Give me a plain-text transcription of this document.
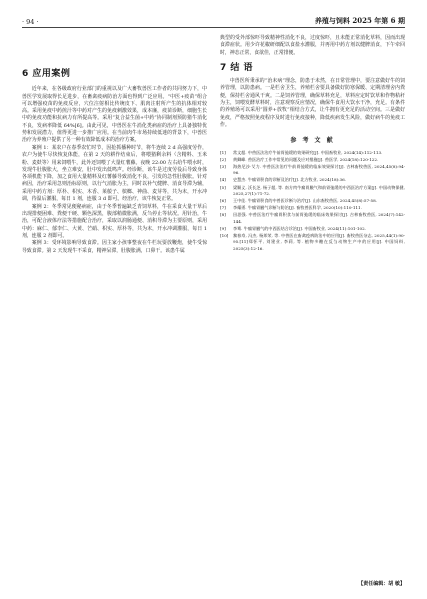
· 94 ·	养殖与饲料 2025 年第 6 期
6 应用案例

近年来，在各级政府行业部门的重视以及广大畜牧兽医工作者的共同努力下，中兽医学发展取得长足进步，在畜禽疫病防治方面也得到广泛应用。“中医+疫苗”组合可以增强疫苗的免疫反应，穴位注射相比传统皮下、肌肉注射所产生的抗体相对较高。采用免疫中药煎汁等中药对产生的免疫刺激效果，成本廉，疫苗诊断，细胞生长中的免疫功能和抗病力有所提高等。采用“复合益生菌+中药”协同制剂预防猪牛消化不良，发病率降低 64%[6]。由此可见，中兽医在牛消化类病症的治疗上具备独特优势和发展潜力，值得更进一步推广应用。在当前肉牛市场持续低迷的背景下，中兽医治疗为养殖户提供了另一种有效降低成本的治疗方案。

案例 1：某农户在春季农忙时节，因抢抓播种时节，将牛连续 2 d 高强度劳作，农户为使牛尽快恢复体能，在第 2 天的耕作结束后，将喂猪剩余料（含精料、玉米粉、麦麸等）用来饲喂牛，此外还饲喂了大量红薯藤。夜晚 22:00 左右给牛喂水时，发现牛肚腹胀大，坐立难安，肚中发出低鸣声。经诊断，该牛是过度劳役后导致身体各项机能下降，加之食用大量精料及红薯藤导致消化不良，引发的急性肚腹胀。针对病因，治疗采用急则治标原则，以行气消胀为主，同时以补气健脾、消食导滞为辅，采用中药方剂：厚朴、枳实、木香、莱菔子、槟榔、神曲、麦芽等，共为末，开水冲调，待温后灌服，每日 1 剂，连服 3 d 即可。经治疗，该牛恢复正常。

案例 2：冬季常见便秘病症，由于冬季普遍缺乏青饲草料，牛在采食大量干草后出现排便困难、粪便干硬、颗色深黑，腹部稍微胀满，反刍停止等状况。用针治，牛治，可配合液体疗法等措施配合治疗，采取以润肠通便、消积导滞为主要原则，采用中药：麻仁、郁李仁、大黄、芒硝、枳实、厚朴等，共为末，开水冲调灌服，每日 1 剂，连服 2 剂即可。

案例 3：受环境影响导致食滞。因主家小孩事整夜在牛栏玩耍放鞭炮，使牛受惊导致食滞。第 2 天发现牛不采食，精神呆滞，肚腹胀满，口鼻干。该患牛属

典型的受外部惊吓导致精神性消化不良，过度惊吓，且未能正常消化草料，因而出现食滞症状。用少许花椒研细配以食盐水灌服，并再用中药方剂以健脾消食，下午牵回时，神态正常，食欲佳，正常排便。

7 结 语

中兽医所秉承的“治未病”理念，防患于未然，在日常管理中，要注意做好牛的饲养管理，以防患病。一是栏舍卫生，养殖栏舍要具备做好防寒保暖、定期清理舍内粪便，保持栏舍通风干爽。二是饲养管理，确保草料充足，草料应定时饮草和作物秸秆为主，饲喂发酵草料时，注意观察反应情况，确保牛食用大饮水干净，充足。有条件的养殖场可以采用“圆养+放牧”相结合方式，让牛拥有更充足的活动空间。三是做好免疫，严格按照免疫程序及时进行免疫接种，降低疾病发生风险，做好病牛的免疫工作。

参 考 文 献
[1]	常文超. 中兽医法治疗牛前胃弛缓的效果研究[J]. 中国畜牧业, 2024(14):112-113.
[2]	黄卿峰. 兽医治疗工作中常见的问题及应对措施[J]. 兽医学, 2024(18):120-122.
[3]	海热尼沙·艾力. 中兽医法治疗牛前胃弛缓的临床效果探讨[J]. 吉林畜牧兽医, 2024,45(8):94-96.
[4]	史慧杰. 牛瘤胃积食的诊断及治疗[J]. 北方牧业, 2024(18):36.
[5]	梁顺义, 沃长芝, 杨子超, 等. 南方肉牛瘤胃臌气和前胃弛缓的中西医治疗方案[J]. 中国动物保健, 2025,27(1):71-72.
[6]	王中佳. 牛瘤胃积食的中兽医诊断与治疗[J]. 山东畜牧兽医, 2024,45(8):57-58.
[7]	李耀勇. 牛瘤胃臌气诊断与防治[J]. 畜牧兽医科学, 2020(10):110-111.
[8]	田思强. 中兽医治疗牛瘤胃积食与前胃弛缓的临床效果探讨[J]. 吉林畜牧兽医, 2024(7):142-144.
[9]	李骞. 牛瘤胃臌气的中西医结合诊治[J]. 中国畜牧业, 2024(11):101-102.
[10]	黎春寿, 冯杰, 杨邦荣, 等. 中兽医在畜禽疫病防治中的应用[J]. 畜牧兽医杂志, 2025,44(1):90-95.[11]郑怀平, 刘建业, 李莉, 等. 植物多糖在反刍动物生产中的应用[J]. 中国饲料, 2025(3):12-16.
【责任编辑：胡 敏】
